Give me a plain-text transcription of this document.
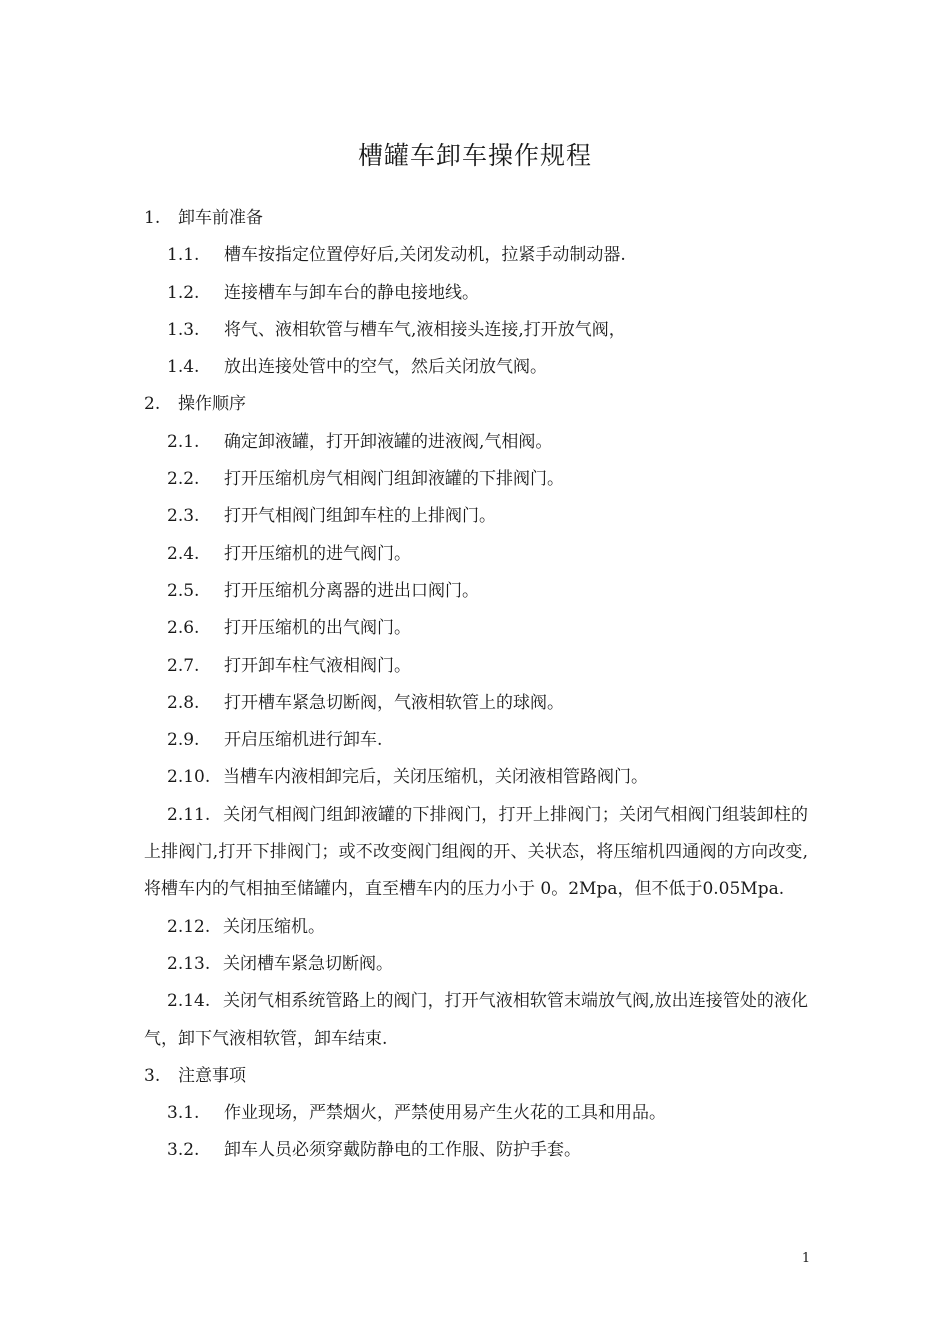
槽罐车卸车操作规程
1. 卸车前准备
1.1. 槽车按指定位置停好后,关闭发动机，拉紧手动制动器.
1.2. 连接槽车与卸车台的静电接地线。
1.3. 将气、液相软管与槽车气,液相接头连接,打开放气阀，
1.4. 放出连接处管中的空气，然后关闭放气阀。
2. 操作顺序
2.1. 确定卸液罐，打开卸液罐的进液阀,气相阀。
2.2. 打开压缩机房气相阀门组卸液罐的下排阀门。
2.3. 打开气相阀门组卸车柱的上排阀门。
2.4. 打开压缩机的进气阀门。
2.5. 打开压缩机分离器的进出口阀门。
2.6. 打开压缩机的出气阀门。
2.7. 打开卸车柱气液相阀门。
2.8. 打开槽车紧急切断阀，气液相软管上的球阀。
2.9. 开启压缩机进行卸车.
2.10. 当槽车内液相卸完后，关闭压缩机，关闭液相管路阀门。
2.11. 关闭气相阀门组卸液罐的下排阀门，打开上排阀门；关闭气相阀门组装卸柱的上排阀门,打开下排阀门；或不改变阀门组阀的开、关状态，将压缩机四通阀的方向改变,将槽车内的气相抽至储罐内，直至槽车内的压力小于 0。2Mpa，但不低于0.05Mpa.
2.12. 关闭压缩机。
2.13. 关闭槽车紧急切断阀。
2.14. 关闭气相系统管路上的阀门，打开气液相软管末端放气阀,放出连接管处的液化气，卸下气液相软管，卸车结束.
3. 注意事项
3.1. 作业现场，严禁烟火，严禁使用易产生火花的工具和用品。
3.2. 卸车人员必须穿戴防静电的工作服、防护手套。
1
